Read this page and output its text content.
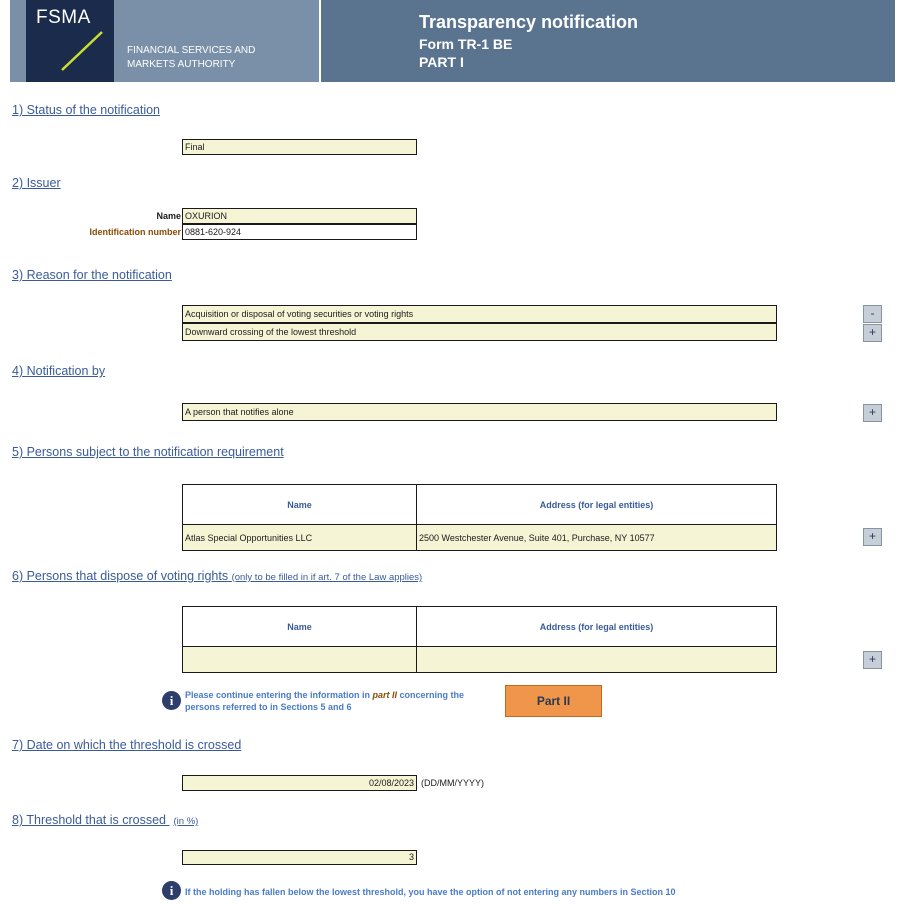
FSMA
FINANCIAL SERVICES AND
MARKETS AUTHORITY
Transparency notification
Form TR-1 BE
PART I
1) Status of the notification
Final
2) Issuer
Name OXURION
Identification number 0881-620-924
3) Reason for the notification
Acquisition or disposal of voting securities or voting rights
Downward crossing of the lowest threshold
-
+
4) Notification by
A person that notifies alone	+
5) Persons subject to the notification requirement
Name	Address (for legal entities)
Atlas Special Opportunities LLC	2500 Westchester Avenue, Suite 401, Purchase, NY 10577	+
6) Persons that dispose of voting rights (only to be filled in if art. 7 of the Law applies)
Name	Address (for legal entities)

+
i	Please continue entering the information in part II concerning the
persons referred to in Sections 5 and 6	Part II
7) Date on which the threshold is crossed
02/08/2023 (DD/MM/YYYY)
8) Threshold that is crossed (in %)
3
i	If the holding has fallen below the lowest threshold, you have the option of not entering any numbers in Section 10
